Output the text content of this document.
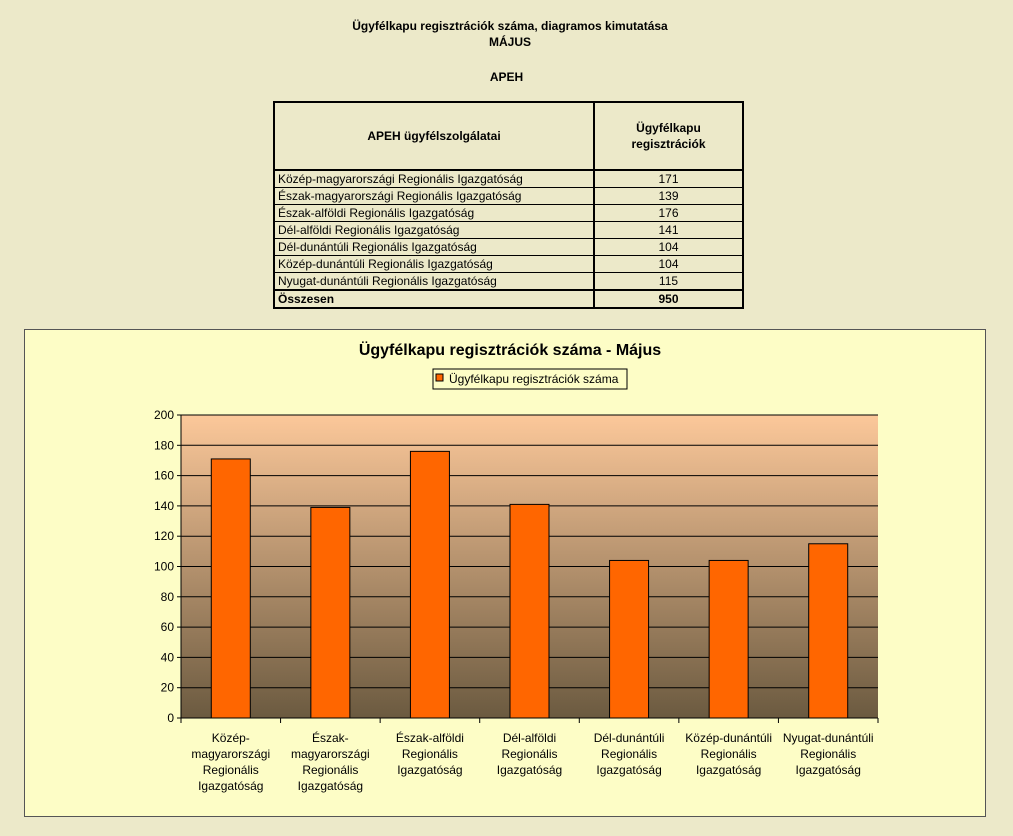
Ügyfélkapu regisztrációk száma, diagramos kimutatása
MÁJUS
APEH
APEH ügyfélszolgálatai	Ügyfélkapu regisztrációk
Közép-magyarországi Regionális Igazgatóság	171
Észak-magyarországi Regionális Igazgatóság	139
Észak-alföldi Regionális Igazgatóság	176
Dél-alföldi Regionális Igazgatóság	141
Dél-dunántúli Regionális Igazgatóság	104
Közép-dunántúli Regionális Igazgatóság	104
Nyugat-dunántúli Regionális Igazgatóság	115
Összesen	950
Ügyfélkapu regisztrációk száma - Május
Ügyfélkapu regisztrációk száma
0
20
40
60
80
100
120
140
160
180
200
Közép-magyarországi Regionális Igazgatóság
Észak-magyarországi Regionális Igazgatóság
Észak-alföldi Regionális Igazgatóság
Dél-alföldi Regionális Igazgatóság
Dél-dunántúli Regionális Igazgatóság
Közép-dunántúli Regionális Igazgatóság
Nyugat-dunántúli Regionális Igazgatóság
